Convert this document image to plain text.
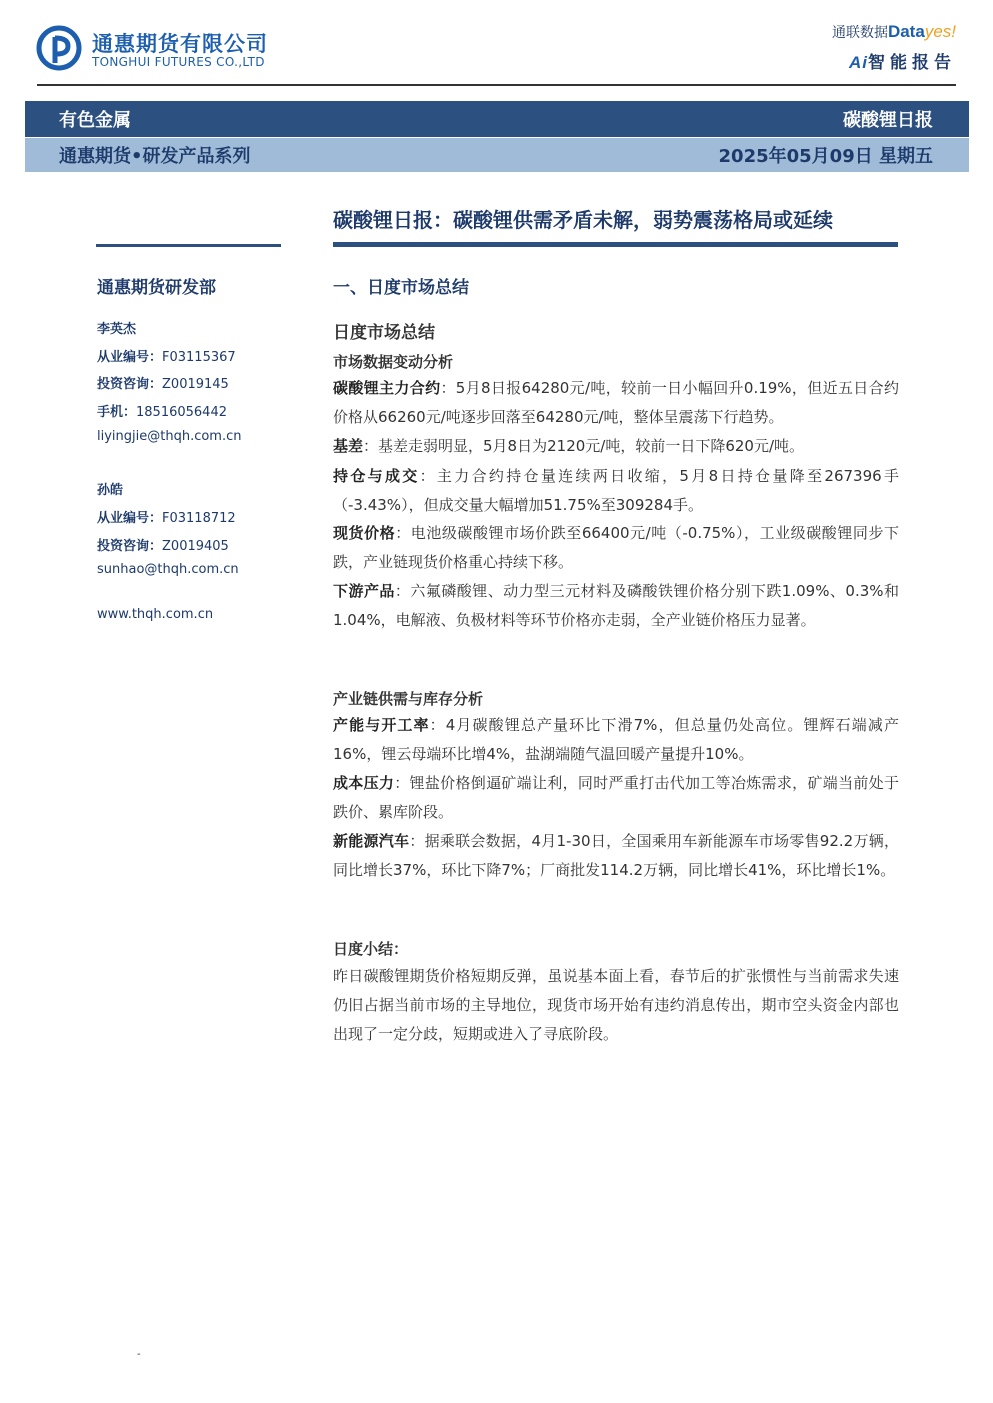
通惠期货有限公司
TONGHUI FUTURES CO.,LTD
通联数据Datayes!
Ai智能报告
有色金属	碳酸锂日报
通惠期货•研发产品系列	2025年05月09日 星期五
碳酸锂日报：碳酸锂供需矛盾未解，弱势震荡格局或延续
通惠期货研发部
李英杰
从业编号：F03115367
投资咨询：Z0019145
手机：18516056442
liyingjie@thqh.com.cn
孙皓
从业编号：F03118712
投资咨询：Z0019405
sunhao@thqh.com.cn
www.thqh.com.cn
一、日度市场总结
日度市场总结
市场数据变动分析
碳酸锂主力合约：5月8日报64280元/吨，较前一日小幅回升0.19%，但近五日合约价格从66260元/吨逐步回落至64280元/吨，整体呈震荡下行趋势。
基差：基差走弱明显，5月8日为2120元/吨，较前一日下降620元/吨。
持仓与成交：主力合约持仓量连续两日收缩，5月8日持仓量降至267396手（-3.43%），但成交量大幅增加51.75%至309284手。
现货价格：电池级碳酸锂市场价跌至66400元/吨（-0.75%），工业级碳酸锂同步下跌，产业链现货价格重心持续下移。
下游产品：六氟磷酸锂、动力型三元材料及磷酸铁锂价格分别下跌1.09%、0.3%和1.04%，电解液、负极材料等环节价格亦走弱，全产业链价格压力显著。
产业链供需与库存分析
产能与开工率：4月碳酸锂总产量环比下滑7%，但总量仍处高位。锂辉石端减产16%，锂云母端环比增4%，盐湖端随气温回暖产量提升10%。
成本压力：锂盐价格倒逼矿端让利，同时严重打击代加工等冶炼需求，矿端当前处于跌价、累库阶段。
新能源汽车：据乘联会数据，4月1-30日，全国乘用车新能源车市场零售92.2万辆，同比增长37%，环比下降7%；厂商批发114.2万辆，同比增长41%，环比增长1%。
日度小结：
昨日碳酸锂期货价格短期反弹，虽说基本面上看，春节后的扩张惯性与当前需求失速仍旧占据当前市场的主导地位，现货市场开始有违约消息传出，期市空头资金内部也出现了一定分歧，短期或进入了寻底阶段。
-
